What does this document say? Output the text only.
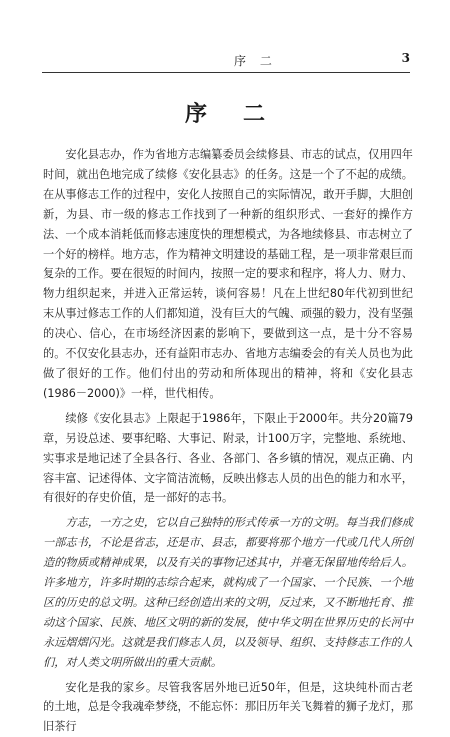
序 二	3
序二

安化县志办，作为省地方志编纂委员会续修县、市志的试点，仅用四年时间，就出色地完成了续修《安化县志》的任务。这是一个了不起的成绩。在从事修志工作的过程中，安化人按照自己的实际情况，敢开手脚，大胆创新，为县、市一级的修志工作找到了一种新的组织形式、一套好的操作方法、一个成本消耗低而修志速度快的理想模式，为各地续修县、市志树立了一个好的榜样。地方志，作为精神文明建设的基础工程，是一项非常艰巨而复杂的工作。要在很短的时间内，按照一定的要求和程序，将人力、财力、物力组织起来，并进入正常运转，谈何容易！凡在上世纪80年代初到世纪末从事过修志工作的人们都知道，没有巨大的气魄、顽强的毅力，没有坚强的决心、信心，在市场经济因素的影响下，要做到这一点，是十分不容易的。不仅安化县志办，还有益阳市志办、省地方志编委会的有关人员也为此做了很好的工作。他们付出的劳动和所体现出的精神，将和《安化县志(1986－2000)》一样，世代相传。

续修《安化县志》上限起于1986年，下限止于2000年。共分20篇79章，另设总述、要事纪略、大事记、附录，计100万字，完整地、系统地、实事求是地记述了全县各行、各业、各部门、各乡镇的情况，观点正确、内容丰富、记述得体、文字简洁流畅，反映出修志人员的出色的能力和水平，有很好的存史价值，是一部好的志书。

方志，一方之史，它以自己独特的形式传承一方的文明。每当我们修成一部志书，不论是省志，还是市、县志，都要将那个地方一代或几代人所创造的物质或精神成果，以及有关的事物记述其中，并毫无保留地传给后人。许多地方，许多时期的志综合起来，就构成了一个国家、一个民族、一个地区的历史的总文明。这种已经创造出来的文明，反过来，又不断地托育、推动这个国家、民族、地区文明的新的发展，使中华文明在世界历史的长河中永远熠熠闪光。这就是我们修志人员，以及领导、组织、支持修志工作的人们，对人类文明所做出的重大贡献。

安化是我的家乡。尽管我客居外地已近50年，但是，这块纯朴而古老的土地，总是令我魂牵梦绕，不能忘怀：那旧历年关飞舞着的狮子龙灯，那旧茶行
